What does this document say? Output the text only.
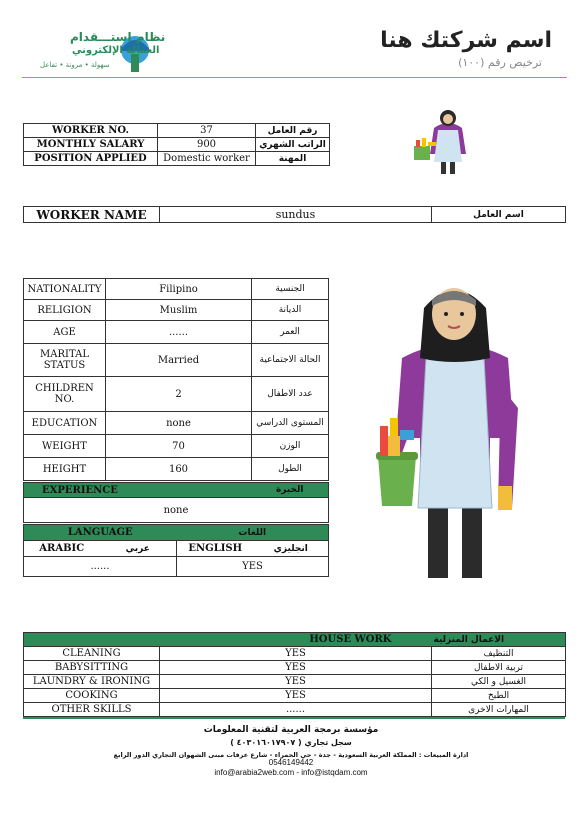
نظام استـــقدام
العمالة الإلكتروني
سهولة • مرونة • تفاعل
اسم شركتك هنا
ترخيص رقم (١٠٠)
WORKER NO.	37	رقم العامل
MONTHLY SALARY	900	الراتب الشهري
POSITION APPLIED	Domestic worker	المهنة
WORKER NAME	sundus	اسم العامل
NATIONALITY	Filipino	الجنسية
RELIGION	Muslim	الديانة
AGE	......	العمر
MARITAL STATUS	Married	الحالة الاجتماعية
CHILDREN NO.	2	عدد الاطفال
EDUCATION	none	المستوى الدراسي
WEIGHT	70	الوزن
HEIGHT	160	الطول
EXPERIENCE	الخبرة
none
LANGUAGE		اللغات	
ARABIC	عربي	ENGLISH	انجليزي
......		YES	
HOUSE WORK		الاعمال المنزلية
CLEANING	YES	التنظيف
BABYSITTING	YES	تربية الاطفال
LAUNDRY & IRONING	YES	الغسيل و الكي
COOKING	YES	الطبخ
OTHER SKILLS	......	المهارات الاخرى
مؤسسة برمجة العربية لتقنية المعلومات
سجل تجاري ( ٤٠٣٠١٦٠١٧٩٠٧ )
ادارة المبيعات : المملكة العربية السعودية - جدة - حي الحمراء - شارع عرفات مبنى الشهوان التجاري الدور الرابع
0546149442
info@arabia2web.com - info@istqdam.com
